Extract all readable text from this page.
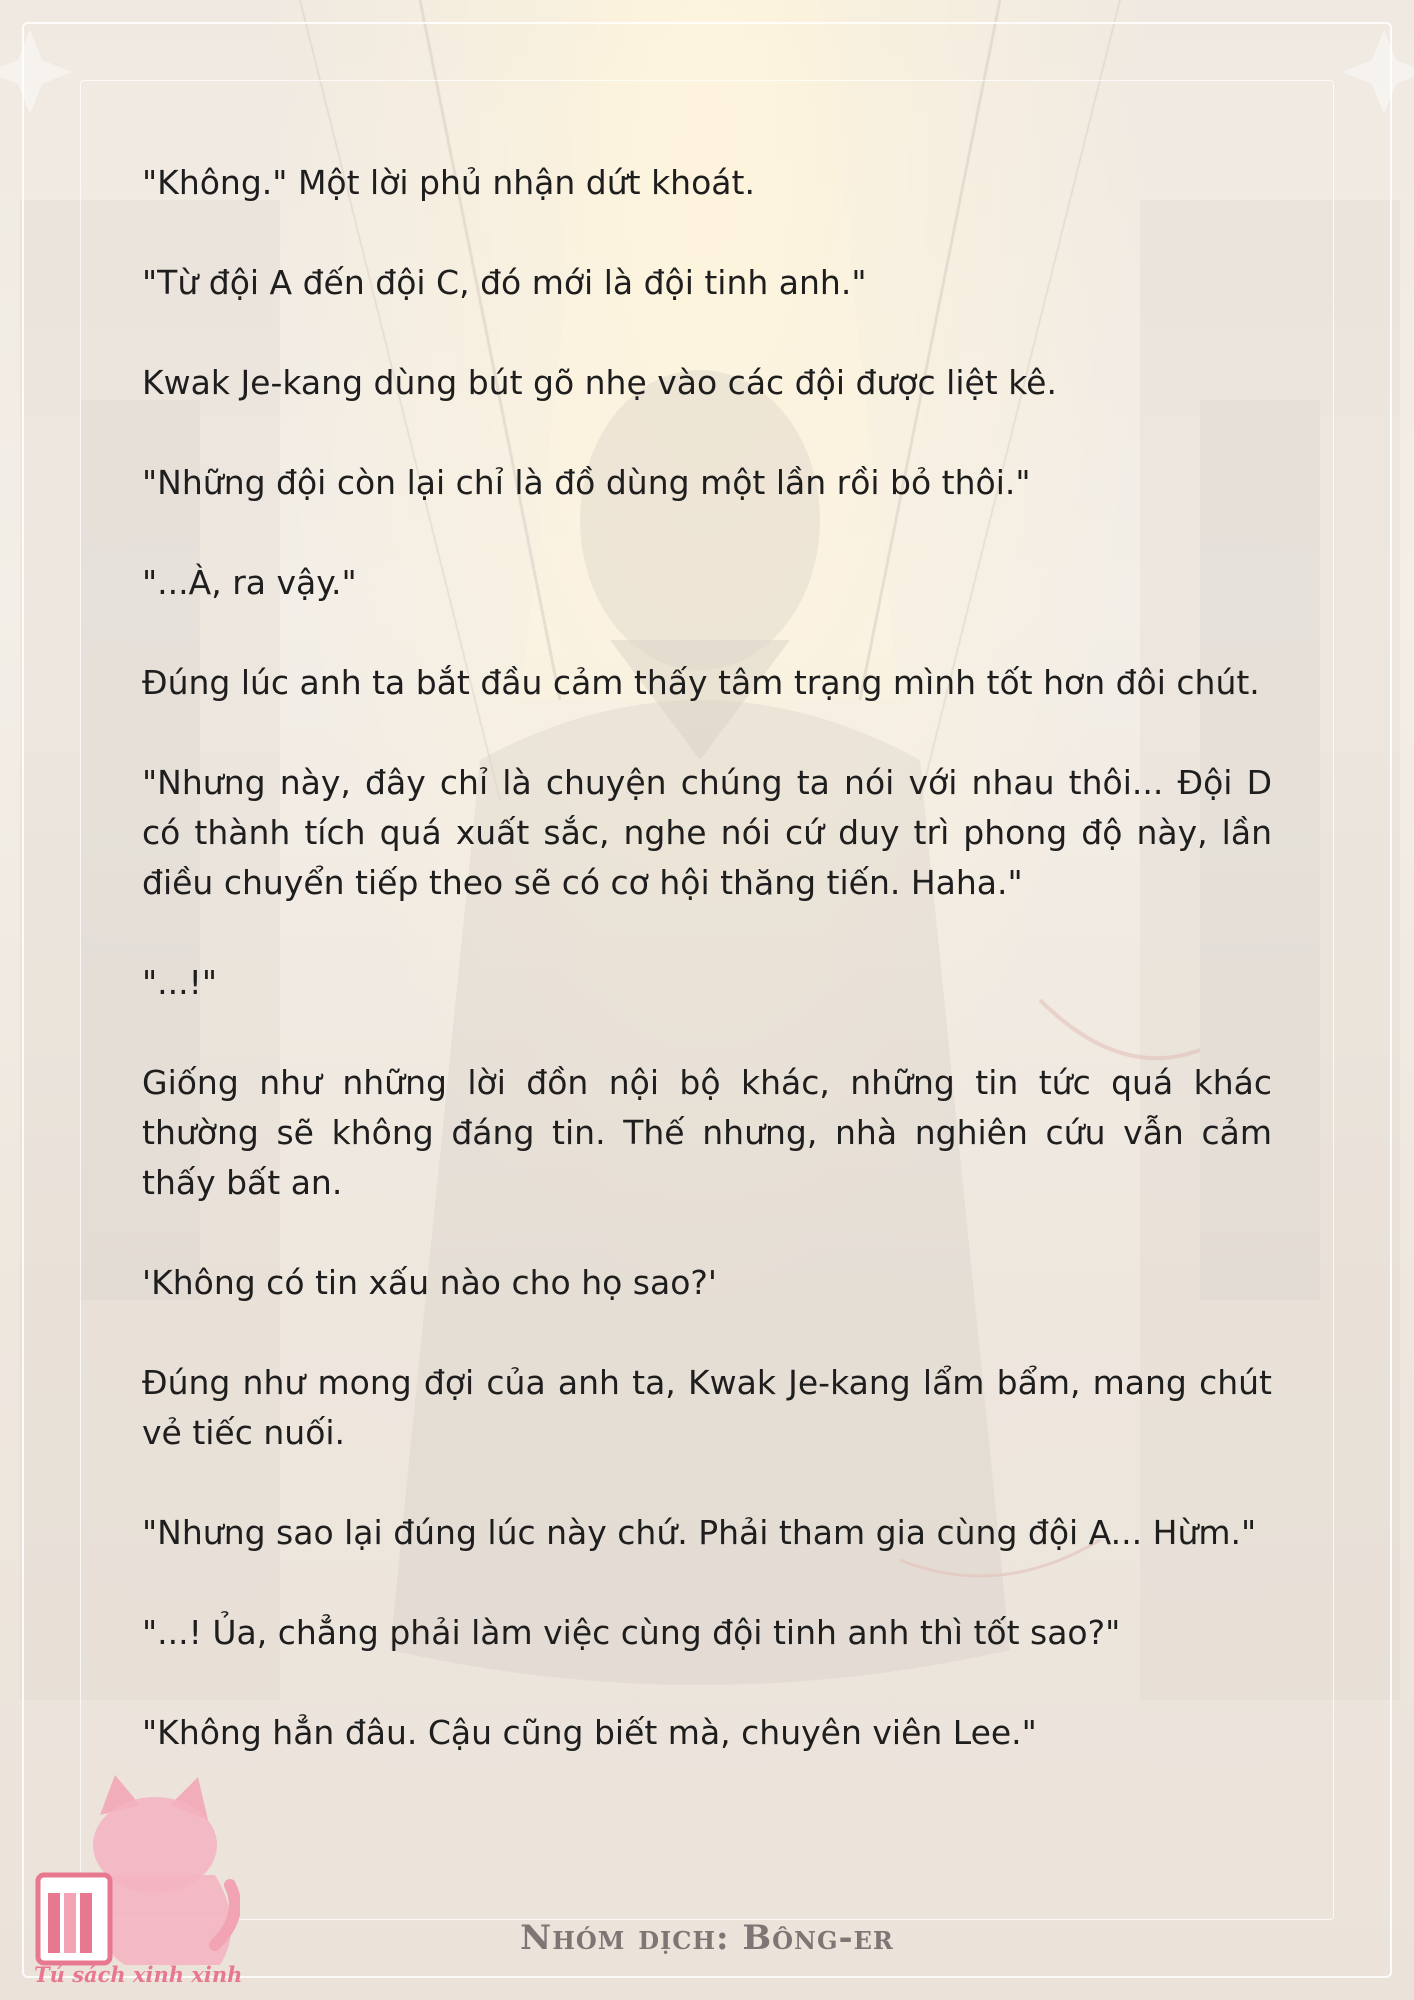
"Không." Một lời phủ nhận dứt khoát.

"Từ đội A đến đội C, đó mới là đội tinh anh."

Kwak Je-kang dùng bút gõ nhẹ vào các đội được liệt kê.

"Những đội còn lại chỉ là đồ dùng một lần rồi bỏ thôi."

"...À, ra vậy."

Đúng lúc anh ta bắt đầu cảm thấy tâm trạng mình tốt hơn đôi chút.

"Nhưng này, đây chỉ là chuyện chúng ta nói với nhau thôi... Đội D có thành tích quá xuất sắc, nghe nói cứ duy trì phong độ này, lần điều chuyển tiếp theo sẽ có cơ hội thăng tiến. Haha."

"...!"

Giống như những lời đồn nội bộ khác, những tin tức quá khác thường sẽ không đáng tin. Thế nhưng, nhà nghiên cứu vẫn cảm thấy bất an.

'Không có tin xấu nào cho họ sao?'

Đúng như mong đợi của anh ta, Kwak Je-kang lẩm bẩm, mang chút vẻ tiếc nuối.

"Nhưng sao lại đúng lúc này chứ. Phải tham gia cùng đội A... Hừm."

"...! Ủa, chẳng phải làm việc cùng đội tinh anh thì tốt sao?"

"Không hẳn đâu. Cậu cũng biết mà, chuyên viên Lee."

Tủ sách xinh xinh
Nhóm dịch: Bông-er
